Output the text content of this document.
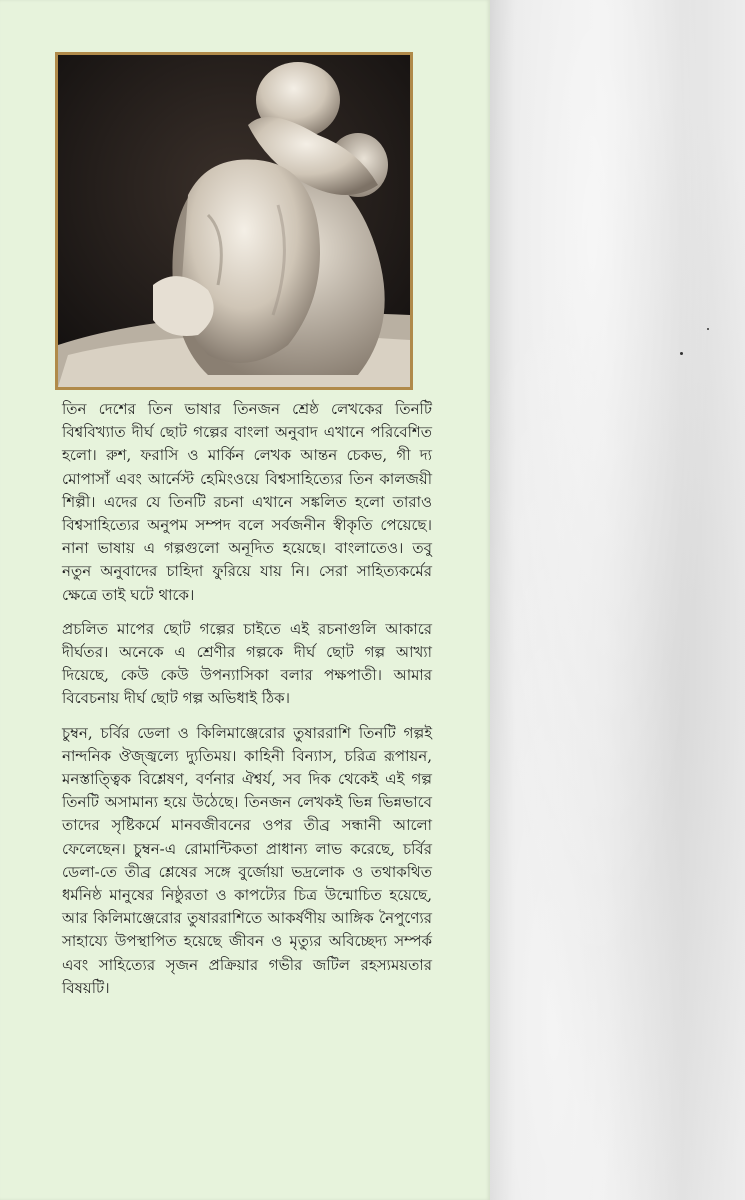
তিন দেশের তিন ভাষার তিনজন শ্রেষ্ঠ লেখকের তিনটি বিশ্ববিখ্যাত দীর্ঘ ছোট গল্পের বাংলা অনুবাদ এখানে পরিবেশিত হলো। রুশ, ফরাসি ও মার্কিন লেখক আন্তন চেকভ, গী দ্য মোপাসাঁ এবং আর্নেস্ট হেমিংওয়ে বিশ্বসাহিত্যের তিন কালজয়ী শিল্পী। এদের যে তিনটি রচনা এখানে সঙ্কলিত হলো তারাও বিশ্বসাহিত্যের অনুপম সম্পদ বলে সর্বজনীন স্বীকৃতি পেয়েছে। নানা ভাষায় এ গল্পগুলো অনূদিত হয়েছে। বাংলাতেও। তবু নতুন অনুবাদের চাহিদা ফুরিয়ে যায় নি। সেরা সাহিত্যকর্মের ক্ষেত্রে তাই ঘটে থাকে।

প্রচলিত মাপের ছোট গল্পের চাইতে এই রচনাগুলি আকারে দীর্ঘতর। অনেকে এ শ্রেণীর গল্পকে দীর্ঘ ছোট গল্প আখ্যা দিয়েছে, কেউ কেউ উপন্যাসিকা বলার পক্ষপাতী। আমার বিবেচনায় দীর্ঘ ছোট গল্প অভিধাই ঠিক।

চুম্বন, চর্বির ডেলা ও কিলিমাঞ্জেরোর তুষাররাশি তিনটি গল্পই নান্দনিক ঔজ্জ্বল্যে দ্যুতিময়। কাহিনী বিন্যাস, চরিত্র রূপায়ন, মনস্তাত্ত্বিক বিশ্লেষণ, বর্ণনার ঐশ্বর্য, সব দিক থেকেই এই গল্প তিনটি অসামান্য হয়ে উঠেছে। তিনজন লেখকই ভিন্ন ভিন্নভাবে তাদের সৃষ্টিকর্মে মানবজীবনের ওপর তীব্র সন্ধানী আলো ফেলেছেন। চুম্বন-এ রোমান্টিকতা প্রাধান্য লাভ করেছে, চর্বির ডেলা-তে তীব্র শ্লেষের সঙ্গে বুর্জোয়া ভদ্রলোক ও তথাকথিত ধর্মনিষ্ঠ মানুষের নিষ্ঠুরতা ও কাপট্যের চিত্র উন্মোচিত হয়েছে, আর কিলিমাঞ্জেরোর তুষাররাশিতে আকর্ষণীয় আঙ্গিক নৈপুণ্যের সাহায্যে উপস্থাপিত হয়েছে জীবন ও মৃত্যুর অবিচ্ছেদ্য সম্পর্ক এবং সাহিত্যের সৃজন প্রক্রিয়ার গভীর জটিল রহস্যময়তার বিষয়টি।
